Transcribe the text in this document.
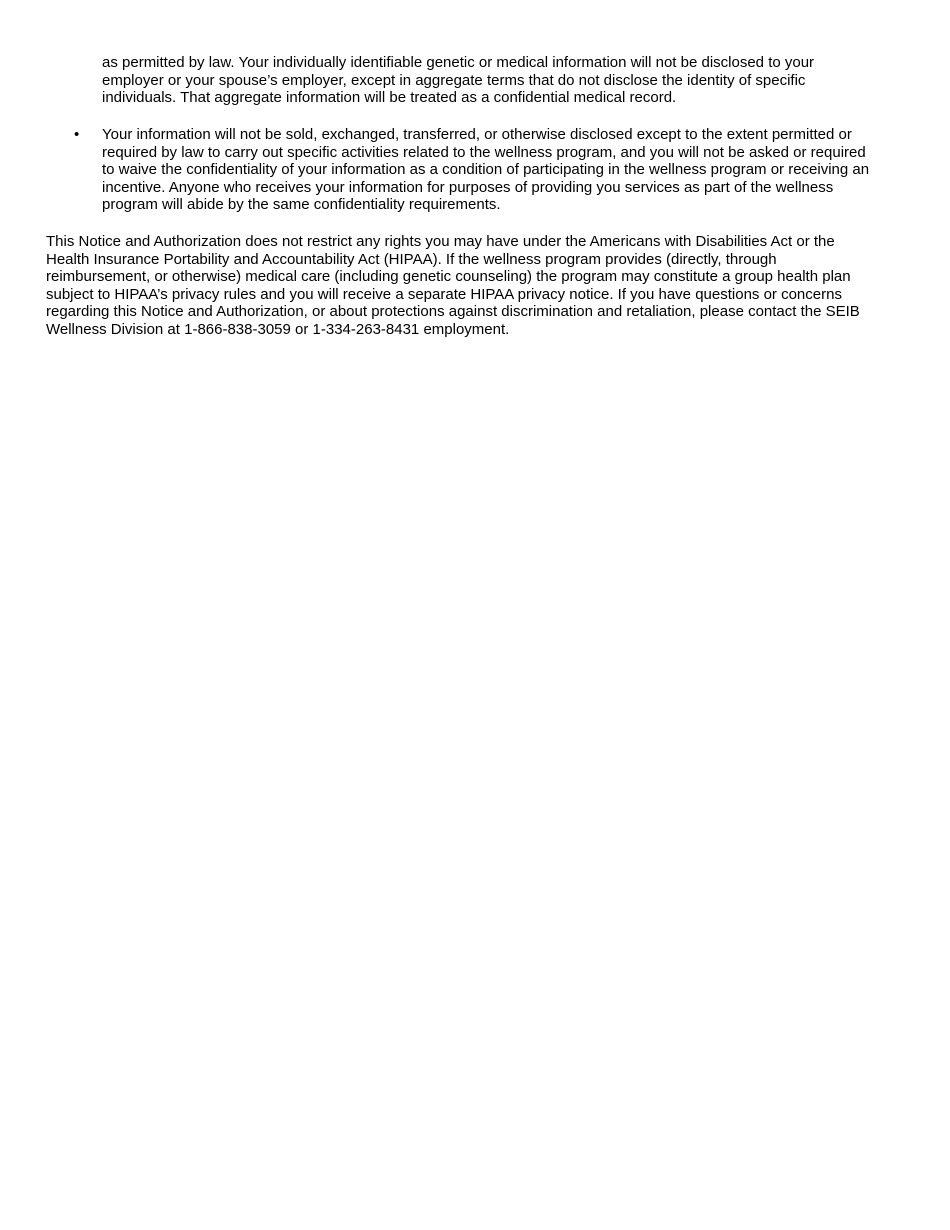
as permitted by law. Your individually identifiable genetic or medical information will not be disclosed to your
employer or your spouse’s employer, except in aggregate terms that do not disclose the identity of specific
individuals. That aggregate information will be treated as a confidential medical record.

• Your information will not be sold, exchanged, transferred, or otherwise disclosed except to the extent permitted or
required by law to carry out specific activities related to the wellness program, and you will not be asked or required
to waive the confidentiality of your information as a condition of participating in the wellness program or receiving an
incentive. Anyone who receives your information for purposes of providing you services as part of the wellness
program will abide by the same confidentiality requirements.

This Notice and Authorization does not restrict any rights you may have under the Americans with Disabilities Act or the
Health Insurance Portability and Accountability Act (HIPAA). If the wellness program provides (directly, through
reimbursement, or otherwise) medical care (including genetic counseling) the program may constitute a group health plan
subject to HIPAA’s privacy rules and you will receive a separate HIPAA privacy notice. If you have questions or concerns
regarding this Notice and Authorization, or about protections against discrimination and retaliation, please contact the SEIB
Wellness Division at 1-866-838-3059 or 1-334-263-8431 employment.
